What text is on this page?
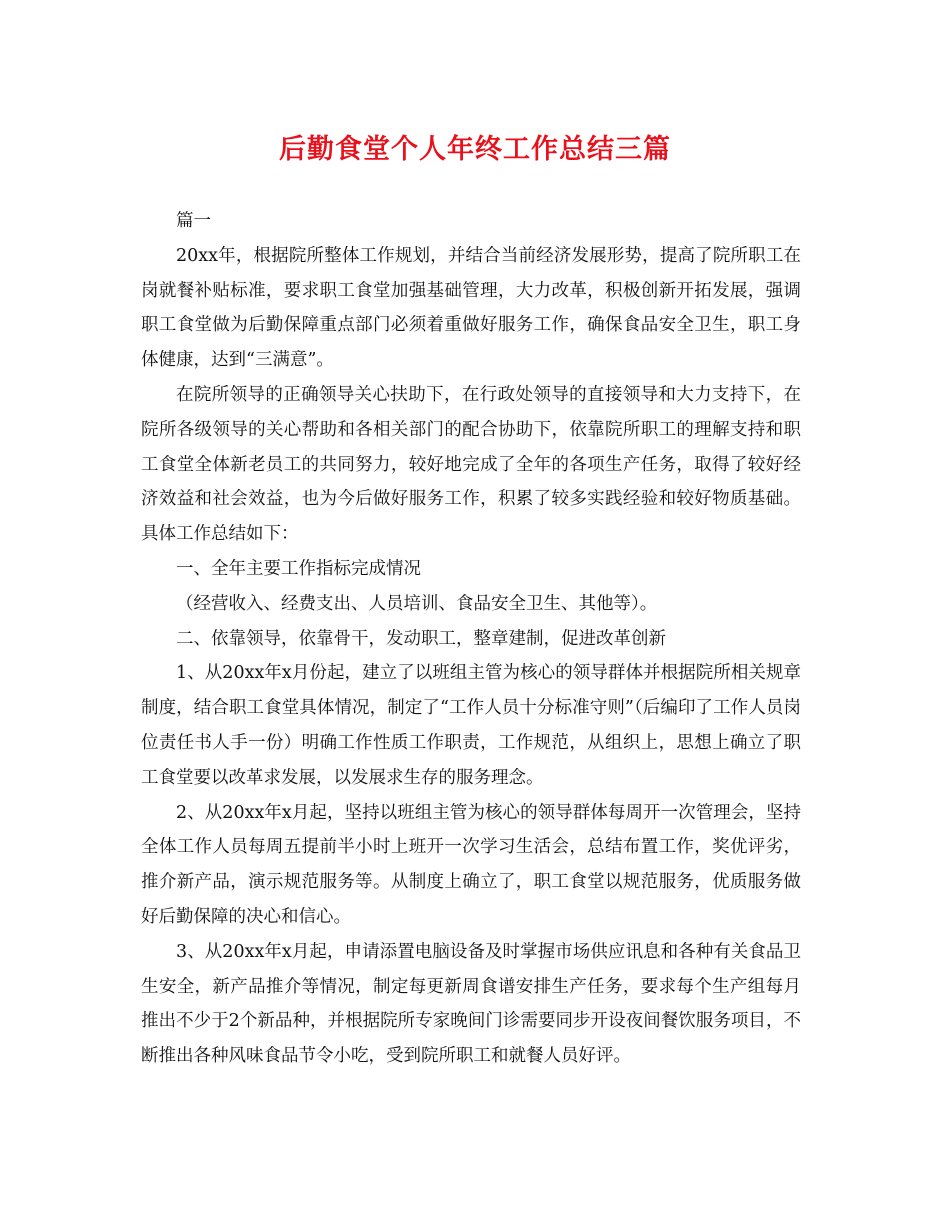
后勤食堂个人年终工作总结三篇

篇一

20xx年，根据院所整体工作规划，并结合当前经济发展形势，提高了院所职工在岗就餐补贴标准，要求职工食堂加强基础管理，大力改革，积极创新开拓发展，强调职工食堂做为后勤保障重点部门必须着重做好服务工作，确保食品安全卫生，职工身体健康，达到“三满意”。

在院所领导的正确领导关心扶助下，在行政处领导的直接领导和大力支持下，在院所各级领导的关心帮助和各相关部门的配合协助下，依靠院所职工的理解支持和职工食堂全体新老员工的共同努力，较好地完成了全年的各项生产任务，取得了较好经济效益和社会效益，也为今后做好服务工作，积累了较多实践经验和较好物质基础。具体工作总结如下：

一、全年主要工作指标完成情况

（经营收入、经费支出、人员培训、食品安全卫生、其他等）。

二、依靠领导，依靠骨干，发动职工，整章建制，促进改革创新

1、从20xx年x月份起，建立了以班组主管为核心的领导群体并根据院所相关规章制度，结合职工食堂具体情况，制定了“工作人员十分标准守则”（后编印了工作人员岗位责任书人手一份）明确工作性质工作职责，工作规范，从组织上，思想上确立了职工食堂要以改革求发展，以发展求生存的服务理念。

2、从20xx年x月起，坚持以班组主管为核心的领导群体每周开一次管理会，坚持全体工作人员每周五提前半小时上班开一次学习生活会，总结布置工作，奖优评劣，推介新产品，演示规范服务等。从制度上确立了，职工食堂以规范服务，优质服务做好后勤保障的决心和信心。

3、从20xx年x月起，申请添置电脑设备及时掌握市场供应讯息和各种有关食品卫生安全，新产品推介等情况，制定每更新周食谱安排生产任务，要求每个生产组每月推出不少于2个新品种，并根据院所专家晚间门诊需要同步开设夜间餐饮服务项目，不断推出各种风味食品节令小吃，受到院所职工和就餐人员好评。
